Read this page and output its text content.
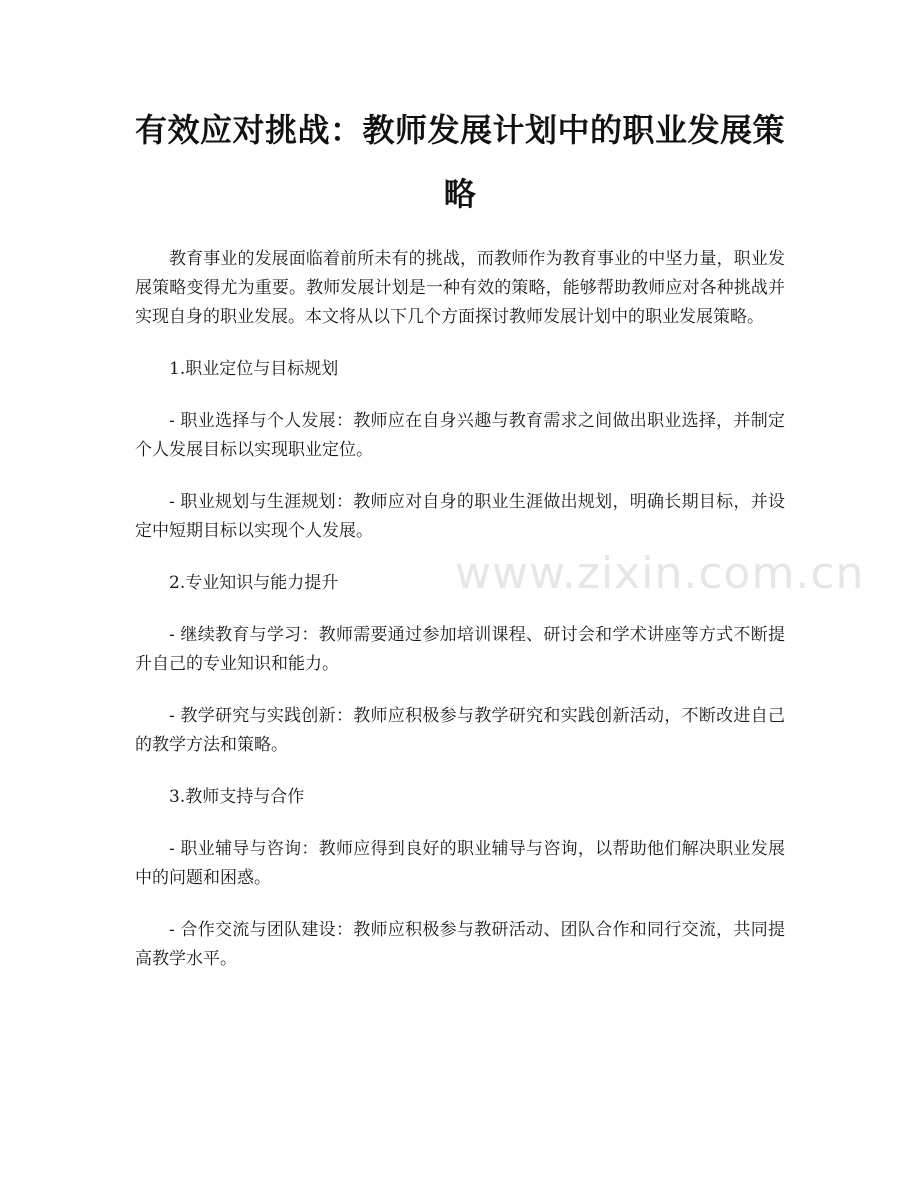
有效应对挑战：教师发展计划中的职业发展策略

教育事业的发展面临着前所未有的挑战，而教师作为教育事业的中坚力量，职业发展策略变得尤为重要。教师发展计划是一种有效的策略，能够帮助教师应对各种挑战并实现自身的职业发展。本文将从以下几个方面探讨教师发展计划中的职业发展策略。

1.职业定位与目标规划

- 职业选择与个人发展：教师应在自身兴趣与教育需求之间做出职业选择，并制定个人发展目标以实现职业定位。

- 职业规划与生涯规划：教师应对自身的职业生涯做出规划，明确长期目标，并设定中短期目标以实现个人发展。

2.专业知识与能力提升

- 继续教育与学习：教师需要通过参加培训课程、研讨会和学术讲座等方式不断提升自己的专业知识和能力。

- 教学研究与实践创新：教师应积极参与教学研究和实践创新活动，不断改进自己的教学方法和策略。

3.教师支持与合作

- 职业辅导与咨询：教师应得到良好的职业辅导与咨询，以帮助他们解决职业发展中的问题和困惑。

- 合作交流与团队建设：教师应积极参与教研活动、团队合作和同行交流，共同提高教学水平。

www.zixin.com.cn
